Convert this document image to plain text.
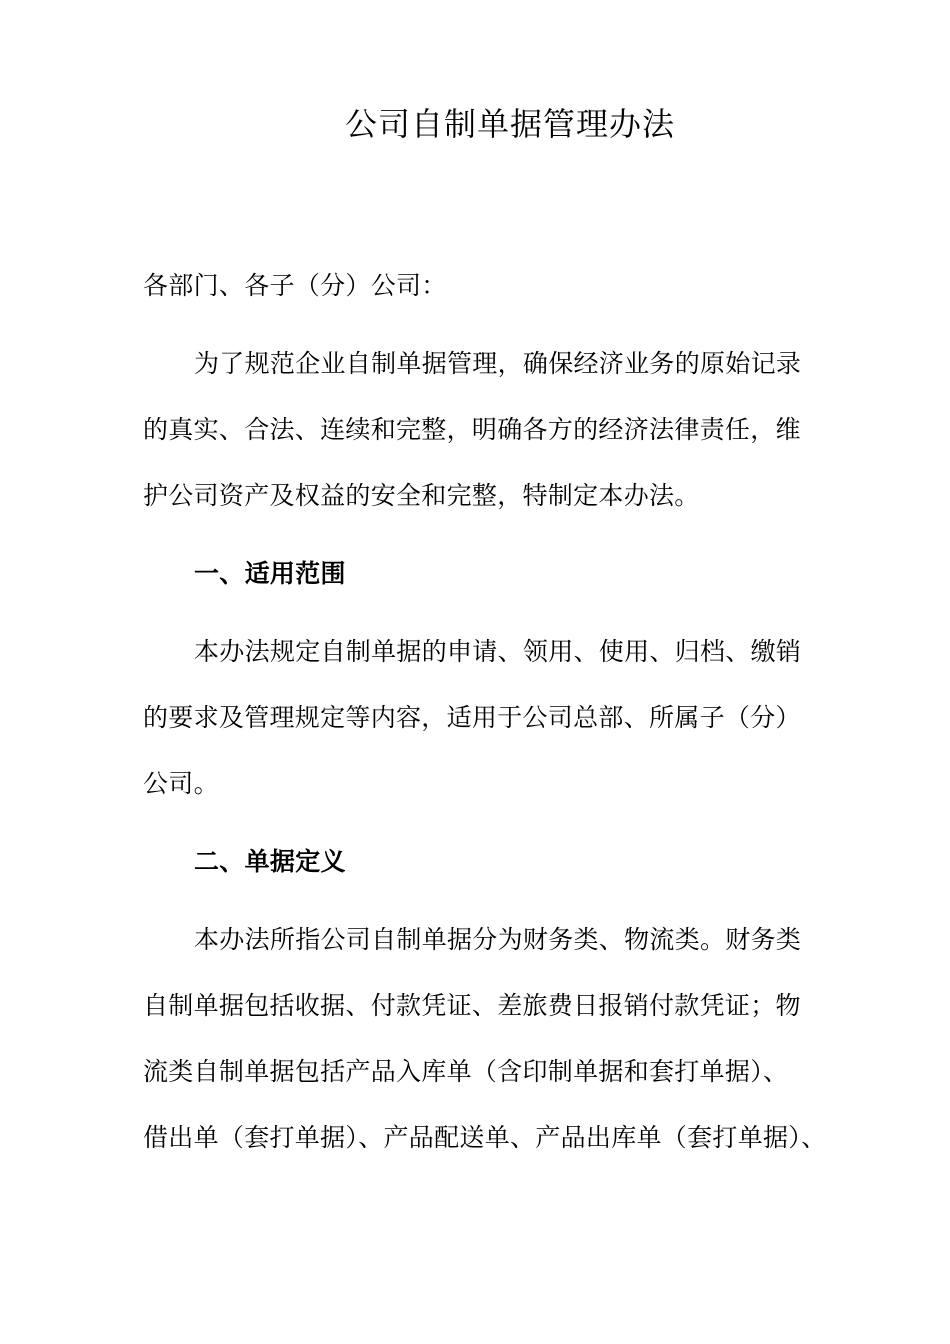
公司自制单据管理办法
各部门、各子（分）公司：
为了规范企业自制单据管理，确保经济业务的原始记录
的真实、合法、连续和完整，明确各方的经济法律责任，维
护公司资产及权益的安全和完整，特制定本办法。
一、适用范围
本办法规定自制单据的申请、领用、使用、归档、缴销
的要求及管理规定等内容，适用于公司总部、所属子（分）
公司。
二、单据定义
本办法所指公司自制单据分为财务类、物流类。财务类
自制单据包括收据、付款凭证、差旅费日报销付款凭证；物
流类自制单据包括产品入库单（含印制单据和套打单据）、
借出单（套打单据）、产品配送单、产品出库单（套打单据）、
